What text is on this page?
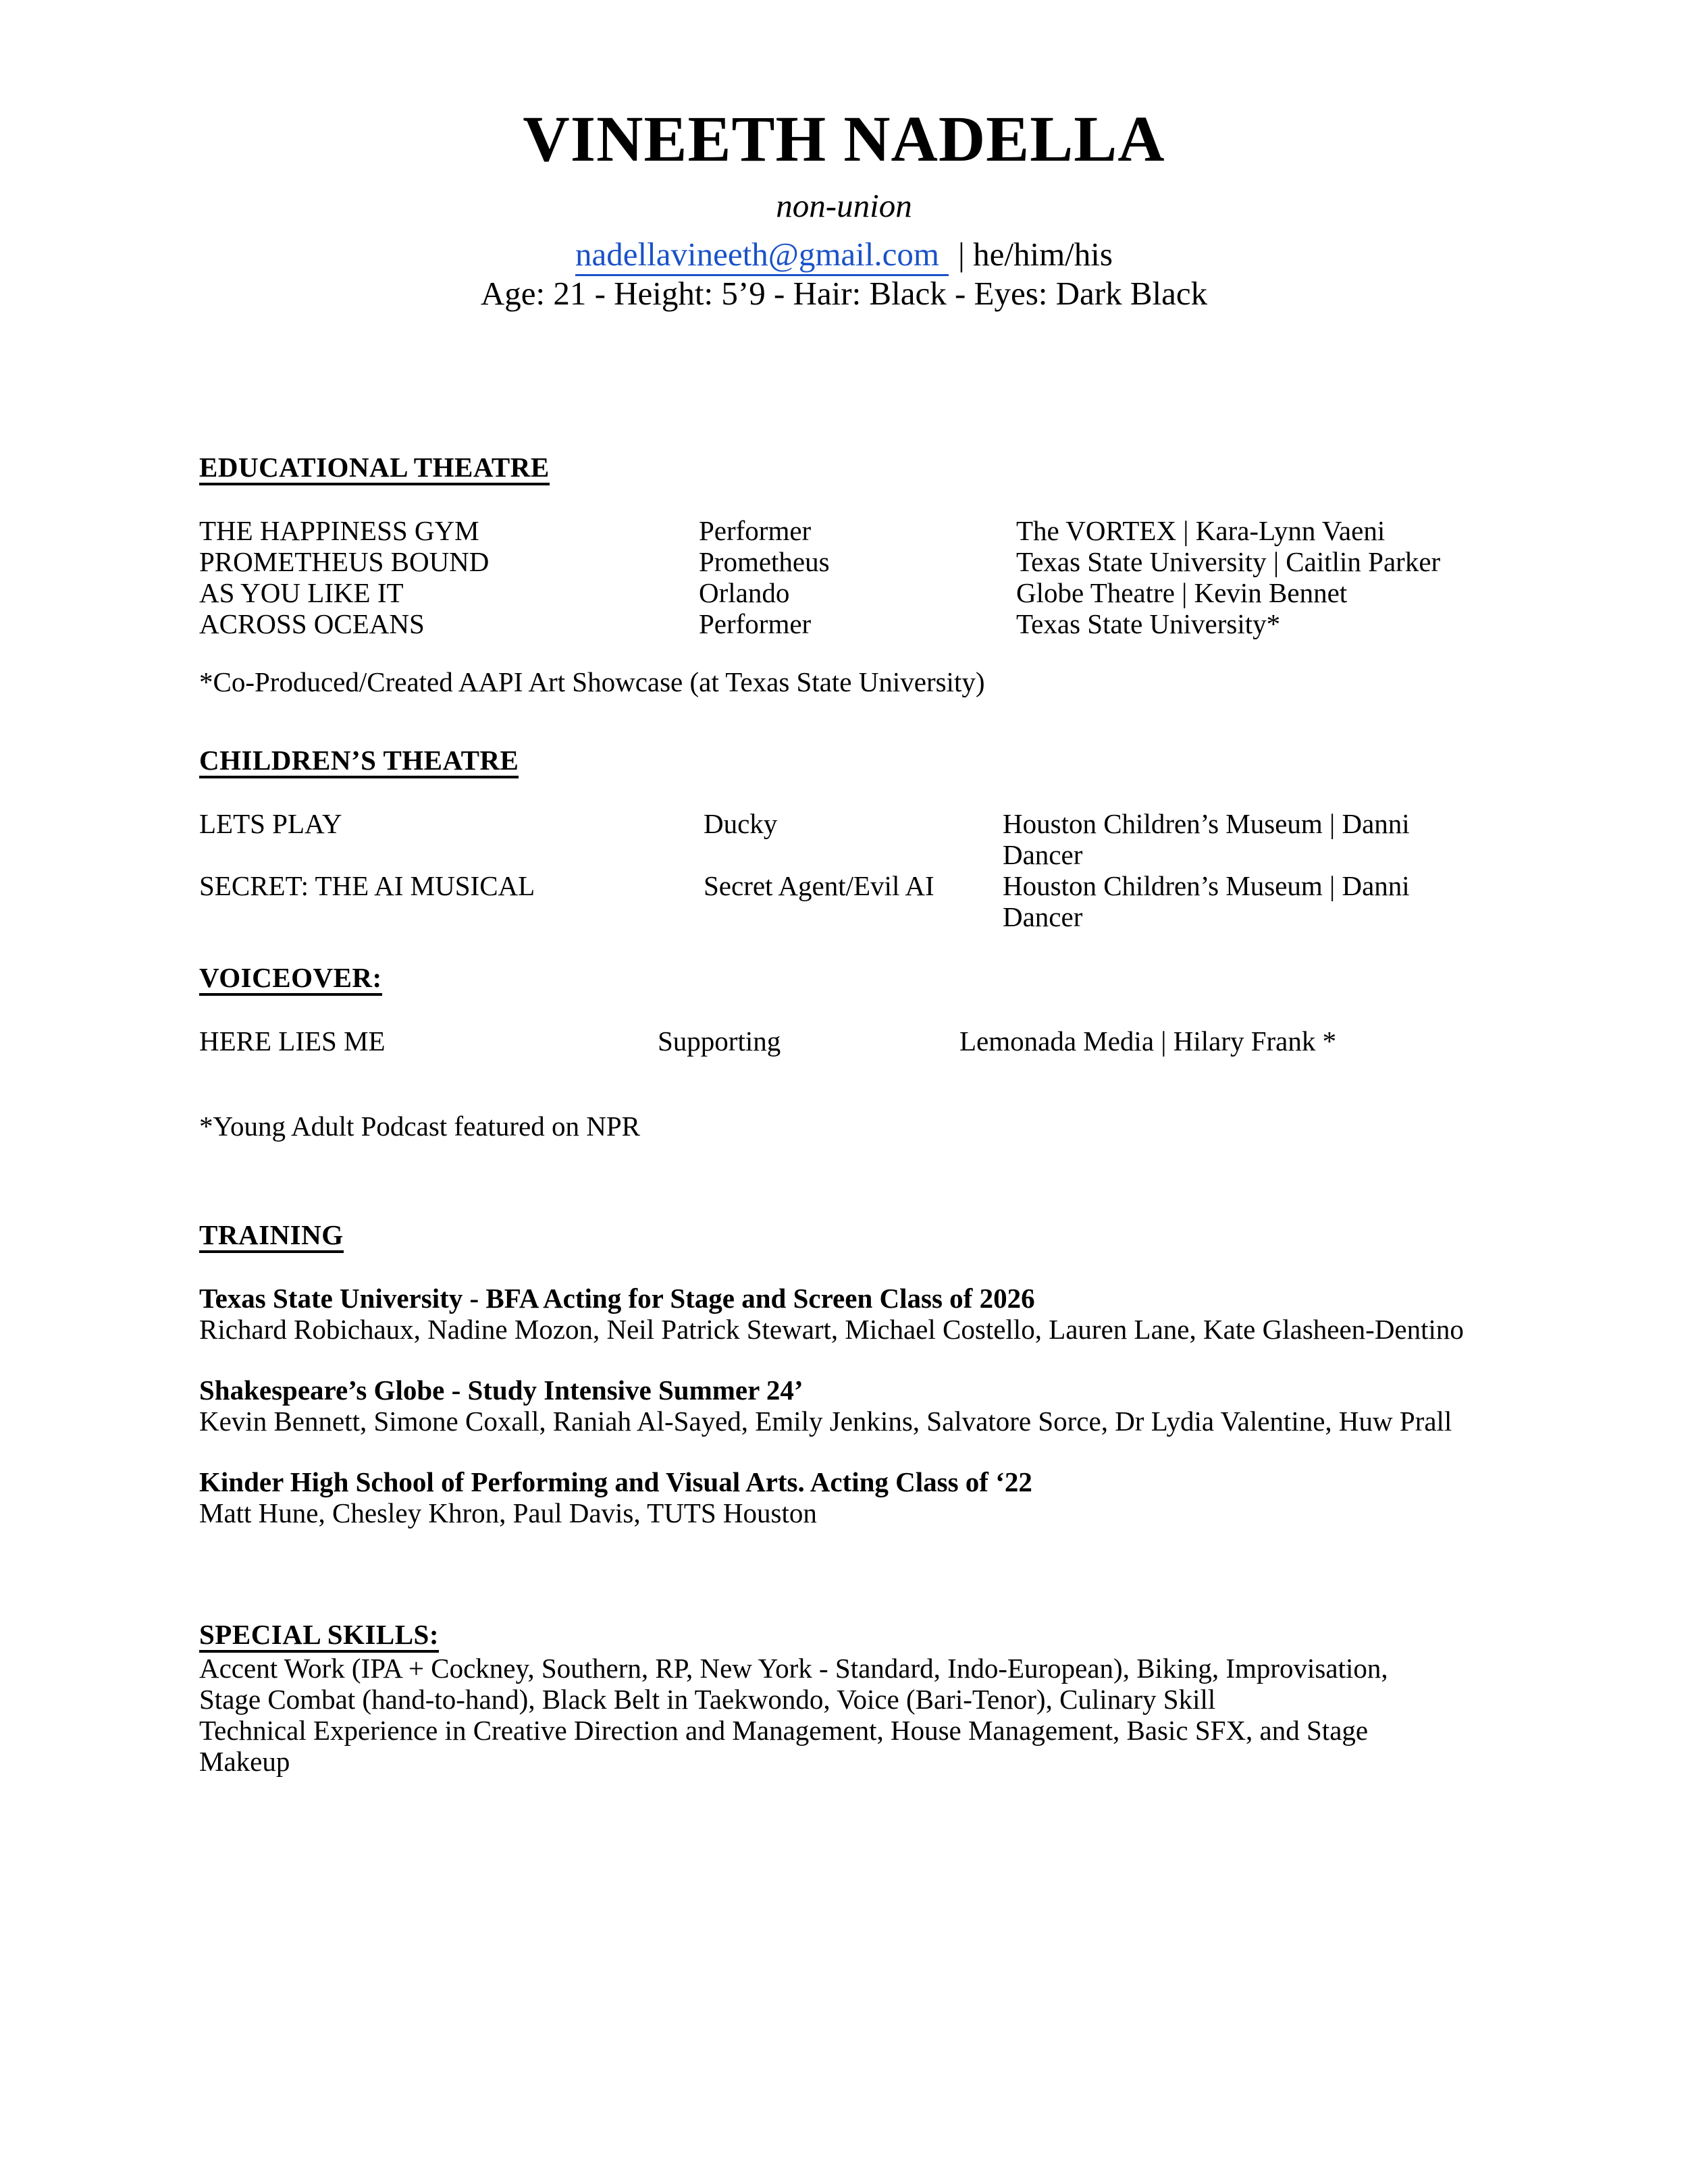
VINEETH NADELLA
non-union
nadellavineeth@gmail.com | he/him/his
Age: 21 - Height: 5’9 - Hair: Black - Eyes: Dark Black
EDUCATIONAL THEATRE
THE HAPPINESS GYM	Performer	The VORTEX | Kara-Lynn Vaeni
PROMETHEUS BOUND	Prometheus	Texas State University | Caitlin Parker
AS YOU LIKE IT	Orlando	Globe Theatre | Kevin Bennet
ACROSS OCEANS	Performer	Texas State University*
*Co-Produced/Created AAPI Art Showcase (at Texas State University)
CHILDREN’S THEATRE
LETS PLAY	Ducky	Houston Children’s Museum | Danni Dancer
SECRET: THE AI MUSICAL	Secret Agent/Evil AI	Houston Children’s Museum | Danni Dancer
VOICEOVER:
HERE LIES ME	Supporting	Lemonada Media | Hilary Frank *
*Young Adult Podcast featured on NPR
TRAINING
Texas State University - BFA Acting for Stage and Screen Class of 2026
Richard Robichaux, Nadine Mozon, Neil Patrick Stewart, Michael Costello, Lauren Lane, Kate Glasheen-Dentino
Shakespeare’s Globe - Study Intensive Summer 24’
Kevin Bennett, Simone Coxall, Raniah Al-Sayed, Emily Jenkins, Salvatore Sorce, Dr Lydia Valentine, Huw Prall
Kinder High School of Performing and Visual Arts. Acting Class of ‘22
Matt Hune, Chesley Khron, Paul Davis, TUTS Houston
SPECIAL SKILLS:
Accent Work (IPA + Cockney, Southern, RP, New York - Standard, Indo-European), Biking, Improvisation,
Stage Combat (hand-to-hand), Black Belt in Taekwondo, Voice (Bari-Tenor), Culinary Skill
Technical Experience in Creative Direction and Management, House Management, Basic SFX, and Stage
Makeup
